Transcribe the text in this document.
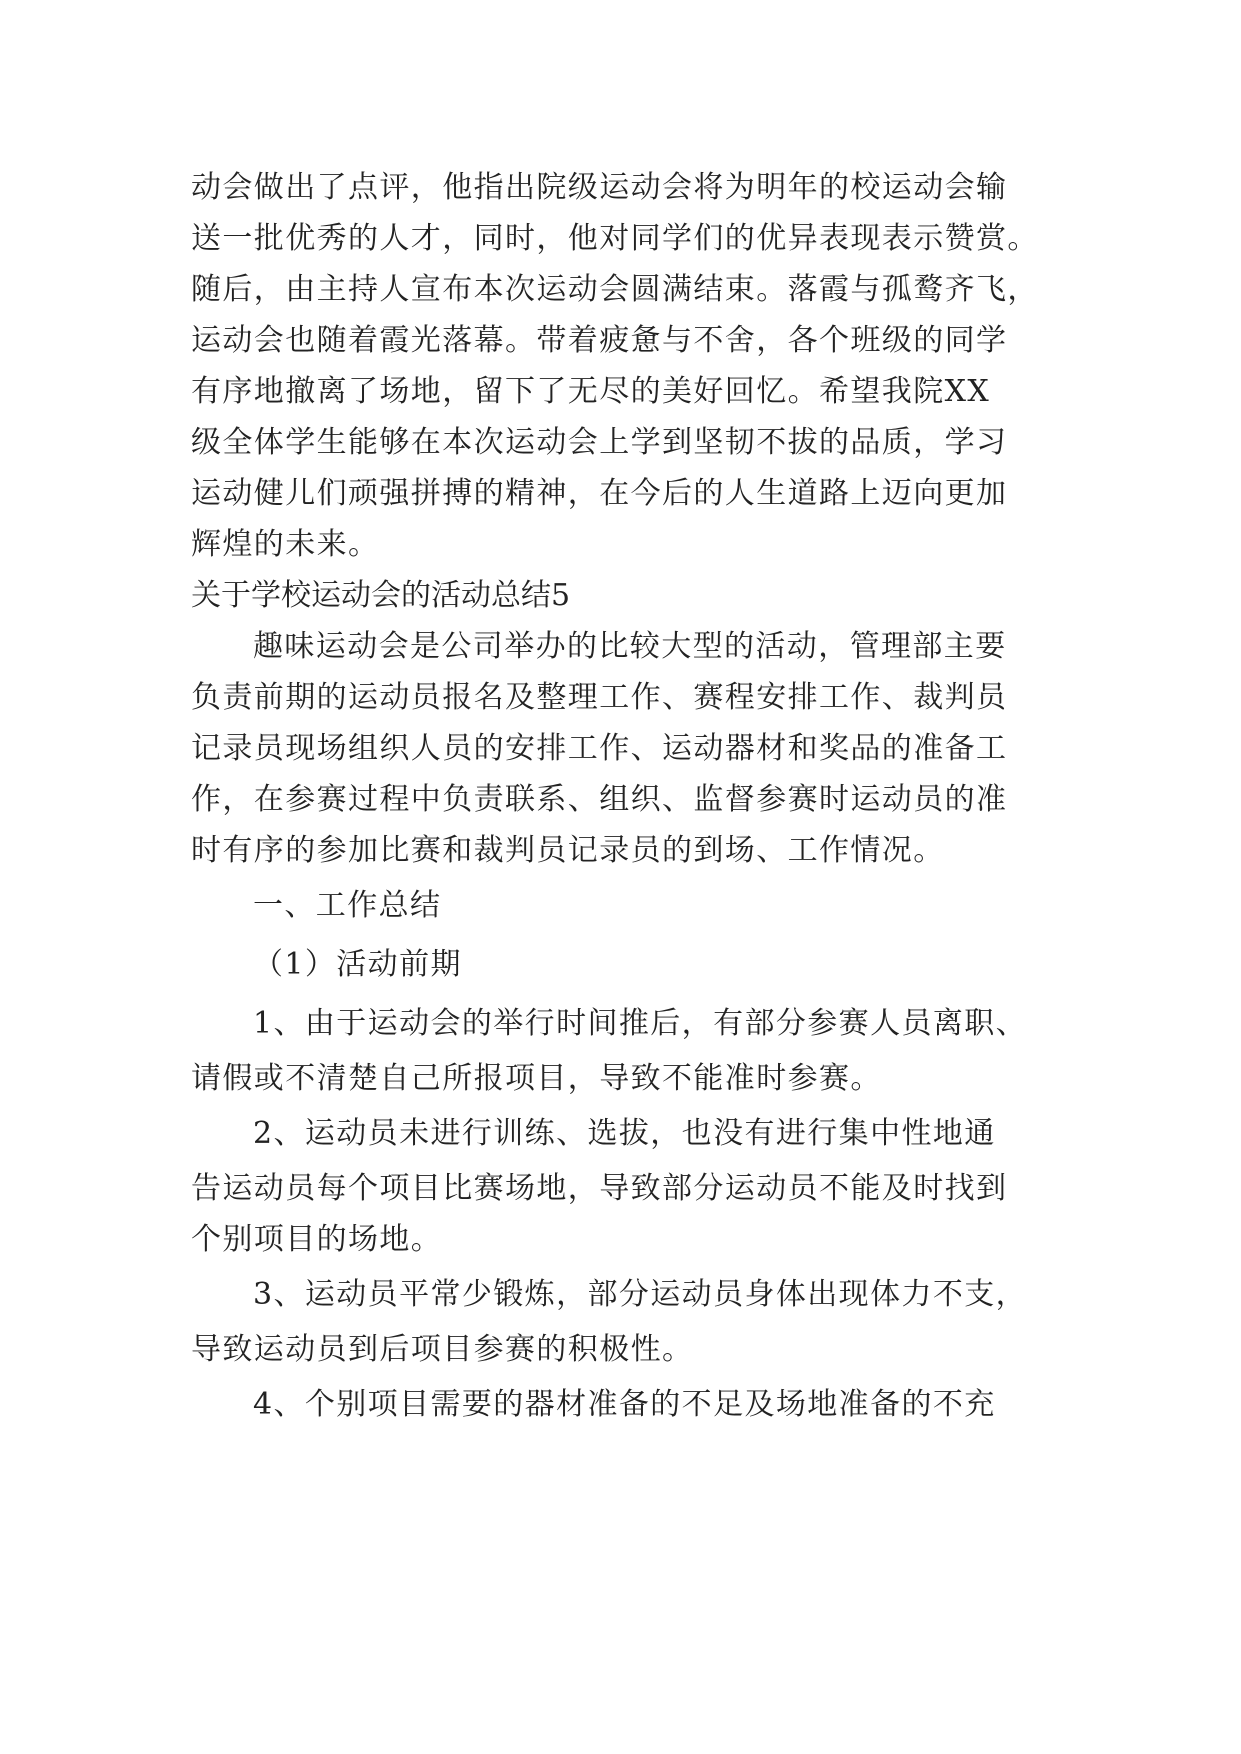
动会做出了点评，他指出院级运动会将为明年的校运动会输
送一批优秀的人才，同时，他对同学们的优异表现表示赞赏。
随后，由主持人宣布本次运动会圆满结束。落霞与孤鹜齐飞，
运动会也随着霞光落幕。带着疲惫与不舍，各个班级的同学
有序地撤离了场地，留下了无尽的美好回忆。希望我院XX
级全体学生能够在本次运动会上学到坚韧不拔的品质，学习
运动健儿们顽强拼搏的精神，在今后的人生道路上迈向更加
辉煌的未来。
关于学校运动会的活动总结5
趣味运动会是公司举办的比较大型的活动，管理部主要
负责前期的运动员报名及整理工作、赛程安排工作、裁判员
记录员现场组织人员的安排工作、运动器材和奖品的准备工
作，在参赛过程中负责联系、组织、监督参赛时运动员的准
时有序的参加比赛和裁判员记录员的到场、工作情况。
一、工作总结
（1）活动前期
1、由于运动会的举行时间推后，有部分参赛人员离职、
请假或不清楚自己所报项目，导致不能准时参赛。
2、运动员未进行训练、选拔，也没有进行集中性地通
告运动员每个项目比赛场地，导致部分运动员不能及时找到
个别项目的场地。
3、运动员平常少锻炼，部分运动员身体出现体力不支，
导致运动员到后项目参赛的积极性。
4、个别项目需要的器材准备的不足及场地准备的不充
